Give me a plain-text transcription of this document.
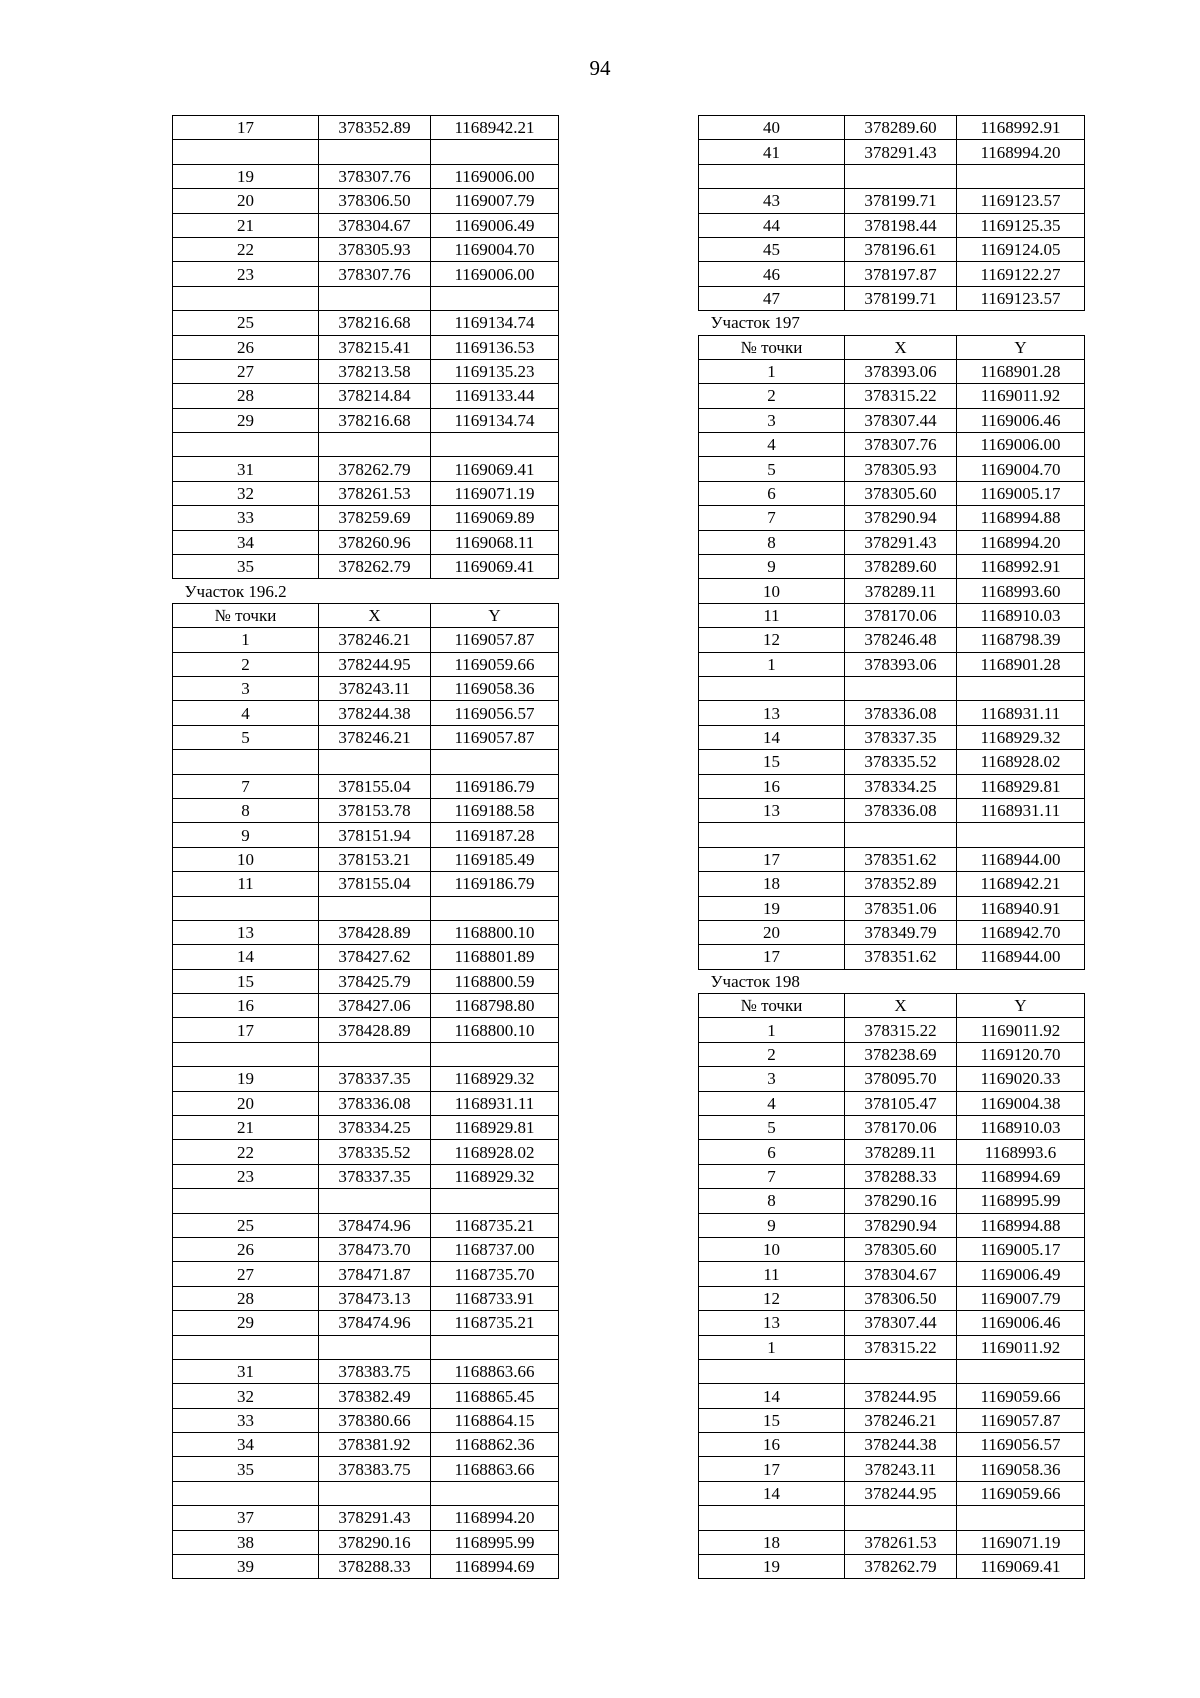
94
17	378352.89	1168942.21

19	378307.76	1169006.00
20	378306.50	1169007.79
21	378304.67	1169006.49
22	378305.93	1169004.70
23	378307.76	1169006.00

25	378216.68	1169134.74
26	378215.41	1169136.53
27	378213.58	1169135.23
28	378214.84	1169133.44
29	378216.68	1169134.74

31	378262.79	1169069.41
32	378261.53	1169071.19
33	378259.69	1169069.89
34	378260.96	1169068.11
35	378262.79	1169069.41
Участок 196.2		
№ точки	X	Y
1	378246.21	1169057.87
2	378244.95	1169059.66
3	378243.11	1169058.36
4	378244.38	1169056.57
5	378246.21	1169057.87

7	378155.04	1169186.79
8	378153.78	1169188.58
9	378151.94	1169187.28
10	378153.21	1169185.49
11	378155.04	1169186.79

13	378428.89	1168800.10
14	378427.62	1168801.89
15	378425.79	1168800.59
16	378427.06	1168798.80
17	378428.89	1168800.10

19	378337.35	1168929.32
20	378336.08	1168931.11
21	378334.25	1168929.81
22	378335.52	1168928.02
23	378337.35	1168929.32

25	378474.96	1168735.21
26	378473.70	1168737.00
27	378471.87	1168735.70
28	378473.13	1168733.91
29	378474.96	1168735.21

31	378383.75	1168863.66
32	378382.49	1168865.45
33	378380.66	1168864.15
34	378381.92	1168862.36
35	378383.75	1168863.66

37	378291.43	1168994.20
38	378290.16	1168995.99
39	378288.33	1168994.69
40	378289.60	1168992.91
41	378291.43	1168994.20

43	378199.71	1169123.57
44	378198.44	1169125.35
45	378196.61	1169124.05
46	378197.87	1169122.27
47	378199.71	1169123.57
Участок 197		
№ точки	X	Y
1	378393.06	1168901.28
2	378315.22	1169011.92
3	378307.44	1169006.46
4	378307.76	1169006.00
5	378305.93	1169004.70
6	378305.60	1169005.17
7	378290.94	1168994.88
8	378291.43	1168994.20
9	378289.60	1168992.91
10	378289.11	1168993.60
11	378170.06	1168910.03
12	378246.48	1168798.39
1	378393.06	1168901.28

13	378336.08	1168931.11
14	378337.35	1168929.32
15	378335.52	1168928.02
16	378334.25	1168929.81
13	378336.08	1168931.11

17	378351.62	1168944.00
18	378352.89	1168942.21
19	378351.06	1168940.91
20	378349.79	1168942.70
17	378351.62	1168944.00
Участок 198		
№ точки	X	Y
1	378315.22	1169011.92
2	378238.69	1169120.70
3	378095.70	1169020.33
4	378105.47	1169004.38
5	378170.06	1168910.03
6	378289.11	1168993.6
7	378288.33	1168994.69
8	378290.16	1168995.99
9	378290.94	1168994.88
10	378305.60	1169005.17
11	378304.67	1169006.49
12	378306.50	1169007.79
13	378307.44	1169006.46
1	378315.22	1169011.92

14	378244.95	1169059.66
15	378246.21	1169057.87
16	378244.38	1169056.57
17	378243.11	1169058.36
14	378244.95	1169059.66

18	378261.53	1169071.19
19	378262.79	1169069.41
